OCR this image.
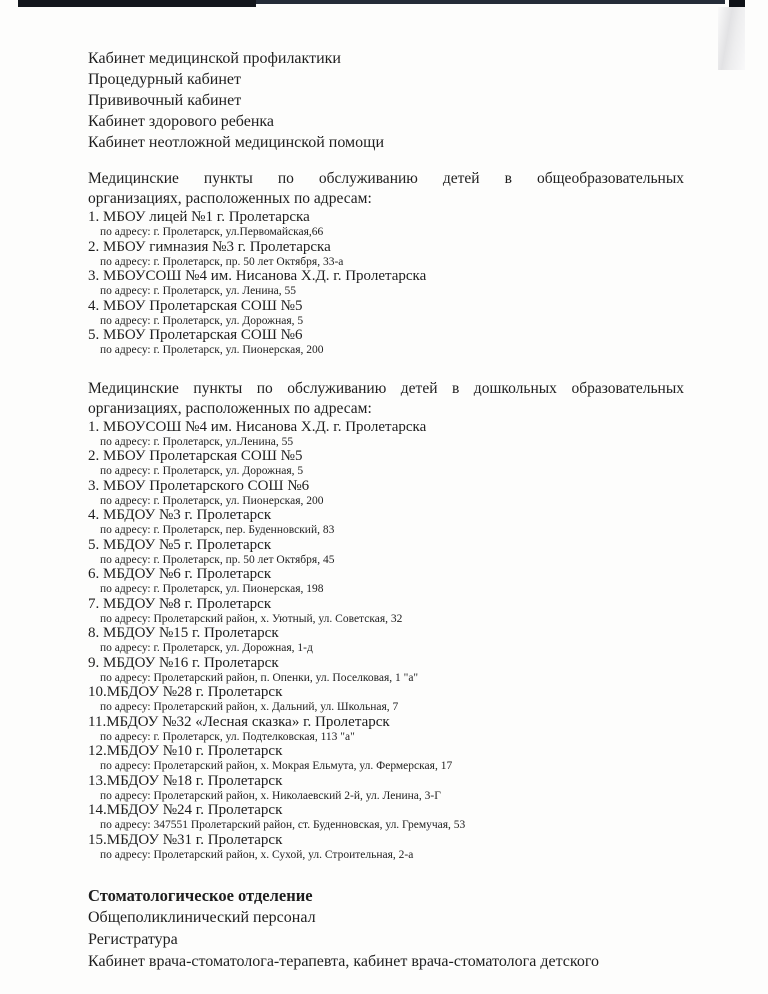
Кабинет медицинской профилактики
Процедурный кабинет
Прививочный кабинет
Кабинет здорового ребенка
Кабинет неотложной медицинской помощи
Медицинские пункты по обслуживанию детей в общеобразовательных
организациях, расположенных по адресам:
1. МБОУ лицей №1 г. Пролетарска
по адресу: г. Пролетарск, ул.Первомайская,66
2. МБОУ гимназия №3 г. Пролетарска
по адресу: г. Пролетарск, пр. 50 лет Октября, 33-а
3. МБОУСОШ №4 им. Нисанова Х.Д. г. Пролетарска
по адресу: г. Пролетарск, ул. Ленина, 55
4. МБОУ Пролетарская СОШ №5
по адресу: г. Пролетарск, ул. Дорожная, 5
5. МБОУ Пролетарская СОШ №6
по адресу: г. Пролетарск, ул. Пионерская, 200
Медицинские пункты по обслуживанию детей в дошкольных образовательных
организациях, расположенных по адресам:
1. МБОУСОШ №4 им. Нисанова Х.Д. г. Пролетарска
по адресу: г. Пролетарск, ул.Ленина, 55
2. МБОУ Пролетарская СОШ №5
по адресу: г. Пролетарск, ул. Дорожная, 5
3. МБОУ Пролетарского СОШ №6
по адресу: г. Пролетарск, ул. Пионерская, 200
4. МБДОУ №3 г. Пролетарск
по адресу: г. Пролетарск, пер. Буденновский, 83
5. МБДОУ №5 г. Пролетарск
по адресу: г. Пролетарск, пр. 50 лет Октября, 45
6. МБДОУ №6 г. Пролетарск
по адресу: г. Пролетарск, ул. Пионерская, 198
7. МБДОУ №8 г. Пролетарск
по адресу: Пролетарский район, х. Уютный, ул. Советская, 32
8. МБДОУ №15 г. Пролетарск
по адресу: г. Пролетарск, ул. Дорожная, 1-д
9. МБДОУ №16 г. Пролетарск
по адресу: Пролетарский район, п. Опенки, ул. Поселковая, 1 "а"
10.МБДОУ №28 г. Пролетарск
по адресу: Пролетарский район, х. Дальний, ул. Школьная, 7
11.МБДОУ №32 «Лесная сказка» г. Пролетарск
по адресу: г. Пролетарск, ул. Подтелковская, 113 "а"
12.МБДОУ №10 г. Пролетарск
по адресу: Пролетарский район, х. Мокрая Ельмута, ул. Фермерская, 17
13.МБДОУ №18 г. Пролетарск
по адресу: Пролетарский район, х. Николаевский 2-й, ул. Ленина, 3-Г
14.МБДОУ №24 г. Пролетарск
по адресу: 347551 Пролетарский район, ст. Буденновская, ул. Гремучая, 53
15.МБДОУ №31 г. Пролетарск
по адресу: Пролетарский район, х. Сухой, ул. Строительная, 2-а
Стоматологическое отделение
Общеполиклинический персонал
Регистратура
Кабинет врача-стоматолога-терапевта, кабинет врача-стоматолога детского
